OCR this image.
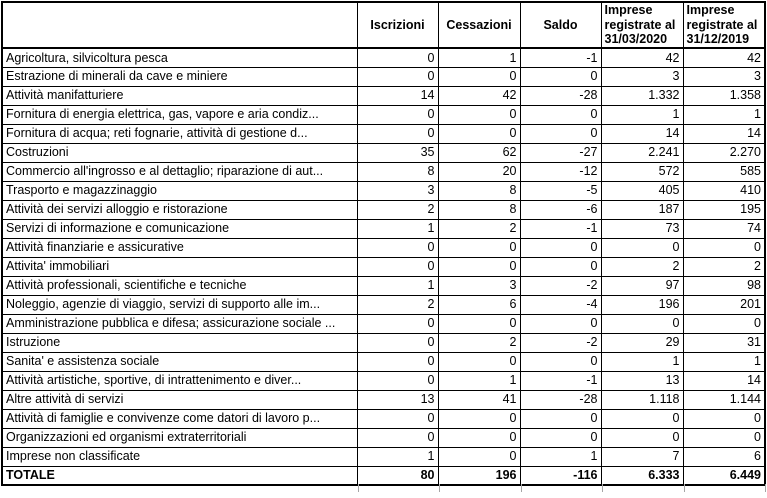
	Iscrizioni	Cessazioni	Saldo	Imprese registrate al 31/03/2020	Imprese registrate al 31/12/2019
Agricoltura, silvicoltura pesca	0	1	-1	42	42
Estrazione di minerali da cave e miniere	0	0	0	3	3
Attività manifatturiere	14	42	-28	1.332	1.358
Fornitura di energia elettrica, gas, vapore e aria condiz...	0	0	0	1	1
Fornitura di acqua; reti fognarie, attività di gestione d...	0	0	0	14	14
Costruzioni	35	62	-27	2.241	2.270
Commercio all'ingrosso e al dettaglio; riparazione di aut...	8	20	-12	572	585
Trasporto e magazzinaggio	3	8	-5	405	410
Attività dei servizi alloggio e ristorazione	2	8	-6	187	195
Servizi di informazione e comunicazione	1	2	-1	73	74
Attività finanziarie e assicurative	0	0	0	0	0
Attivita' immobiliari	0	0	0	2	2
Attività professionali, scientifiche e tecniche	1	3	-2	97	98
Noleggio, agenzie di viaggio, servizi di supporto alle im...	2	6	-4	196	201
Amministrazione pubblica e difesa; assicurazione sociale ...	0	0	0	0	0
Istruzione	0	2	-2	29	31
Sanita' e assistenza sociale	0	0	0	1	1
Attività artistiche, sportive, di intrattenimento e diver...	0	1	-1	13	14
Altre attività di servizi	13	41	-28	1.118	1.144
Attività di famiglie e convivenze come datori di lavoro p...	0	0	0	0	0
Organizzazioni ed organismi extraterritoriali	0	0	0	0	0
Imprese non classificate	1	0	1	7	6
TOTALE	80	196	-116	6.333	6.449
